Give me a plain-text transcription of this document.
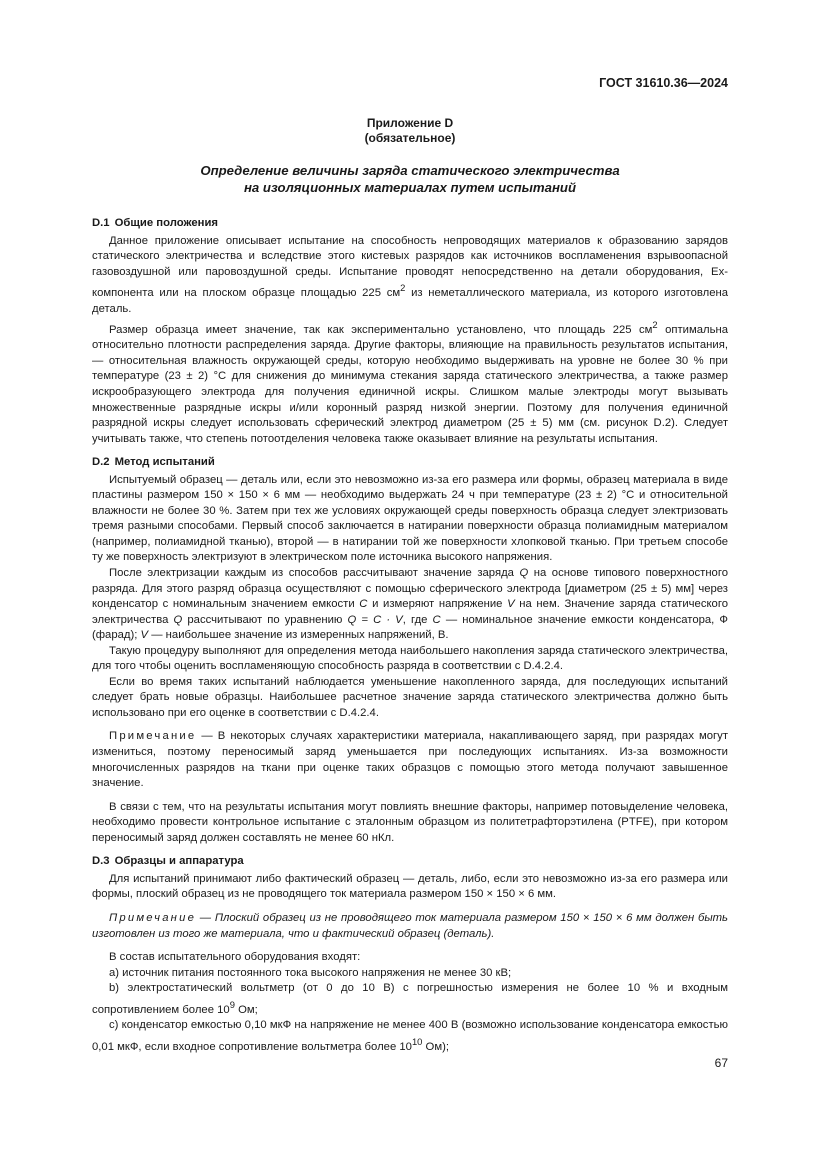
ГОСТ 31610.36—2024
Приложение D
(обязательное)
Определение величины заряда статического электричества
на изоляционных материалах путем испытаний
D.1 Общие положения

Данное приложение описывает испытание на способность непроводящих материалов к образованию зарядов статического электричества и вследствие этого кистевых разрядов как источников воспламенения взрывоопасной газовоздушной или паровоздушной среды. Испытание проводят непосредственно на детали оборудования, Ex-компонента или на плоском образце площадью 225 $см^2$ из неметаллического материала, из которого изготовлена деталь.

Размер образца имеет значение, так как экспериментально установлено, что площадь 225 $см^2$ оптимальна относительно плотности распределения заряда. Другие факторы, влияющие на правильность результатов испытания, — относительная влажность окружающей среды, которую необходимо выдерживать на уровне не более 30 % при температуре (23 ± 2) °С для снижения до минимума стекания заряда статического электричества, а также размер искрообразующего электрода для получения единичной искры. Слишком малые электроды могут вызывать множественные разрядные искры и/или коронный разряд низкой энергии. Поэтому для получения единичной разрядной искры следует использовать сферический электрод диаметром (25 ± 5) мм (см. рисунок D.2). Следует учитывать также, что степень потоотделения человека также оказывает влияние на результаты испытания.

D.2 Метод испытаний

Испытуемый образец — деталь или, если это невозможно из-за его размера или формы, образец материала в виде пластины размером 150 × 150 × 6 мм — необходимо выдержать 24 ч при температуре (23 ± 2) °С и относительной влажности не более 30 %. Затем при тех же условиях окружающей среды поверхность образца следует электризовать тремя разными способами. Первый способ заключается в натирании поверхности образца полиамидным материалом (например, полиамидной тканью), второй — в натирании той же поверхности хлопковой тканью. При третьем способе ту же поверхность электризуют в электрическом поле источника высокого напряжения.

После электризации каждым из способов рассчитывают значение заряда Q на основе типового поверхностного разряда. Для этого разряд образца осуществляют с помощью сферического электрода [диаметром (25 ± 5) мм] через конденсатор с номинальным значением емкости C и измеряют напряжение V на нем. Значение заряда статического электричества Q рассчитывают по уравнению Q = C · V, где C — номинальное значение емкости конденсатора, Ф (фарад); V — наибольшее значение из измеренных напряжений, В.

Такую процедуру выполняют для определения метода наибольшего накопления заряда статического электричества, для того чтобы оценить воспламеняющую способность разряда в соответствии с D.4.2.4.

Если во время таких испытаний наблюдается уменьшение накопленного заряда, для последующих испытаний следует брать новые образцы. Наибольшее расчетное значение заряда статического электричества должно быть использовано при его оценке в соответствии с D.4.2.4.

Примечание — В некоторых случаях характеристики материала, накапливающего заряд, при разрядах могут измениться, поэтому переносимый заряд уменьшается при последующих испытаниях. Из-за возможности многочисленных разрядов на ткани при оценке таких образцов с помощью этого метода получают завышенное значение.

В связи с тем, что на результаты испытания могут повлиять внешние факторы, например потовыделение человека, необходимо провести контрольное испытание с эталонным образцом из политетрафторэтилена (PTFE), при котором переносимый заряд должен составлять не менее 60 нКл.

D.3 Образцы и аппаратура

Для испытаний принимают либо фактический образец — деталь, либо, если это невозможно из-за его размера или формы, плоский образец из не проводящего ток материала размером 150 × 150 × 6 мм.

Примечание — Плоский образец из не проводящего ток материала размером 150 × 150 × 6 мм должен быть изготовлен из того же материала, что и фактический образец (деталь).

В состав испытательного оборудования входят:

а) источник питания постоянного тока высокого напряжения не менее 30 кВ;

b) электростатический вольтметр (от 0 до 10 В) с погрешностью измерения не более 10 % и входным сопротивлением более $10^9$ Ом;

с) конденсатор емкостью 0,10 мкФ на напряжение не менее 400 В (возможно использование конденсатора емкостью 0,01 мкФ, если входное сопротивление вольтметра более $10^{10}$ Ом);

67
